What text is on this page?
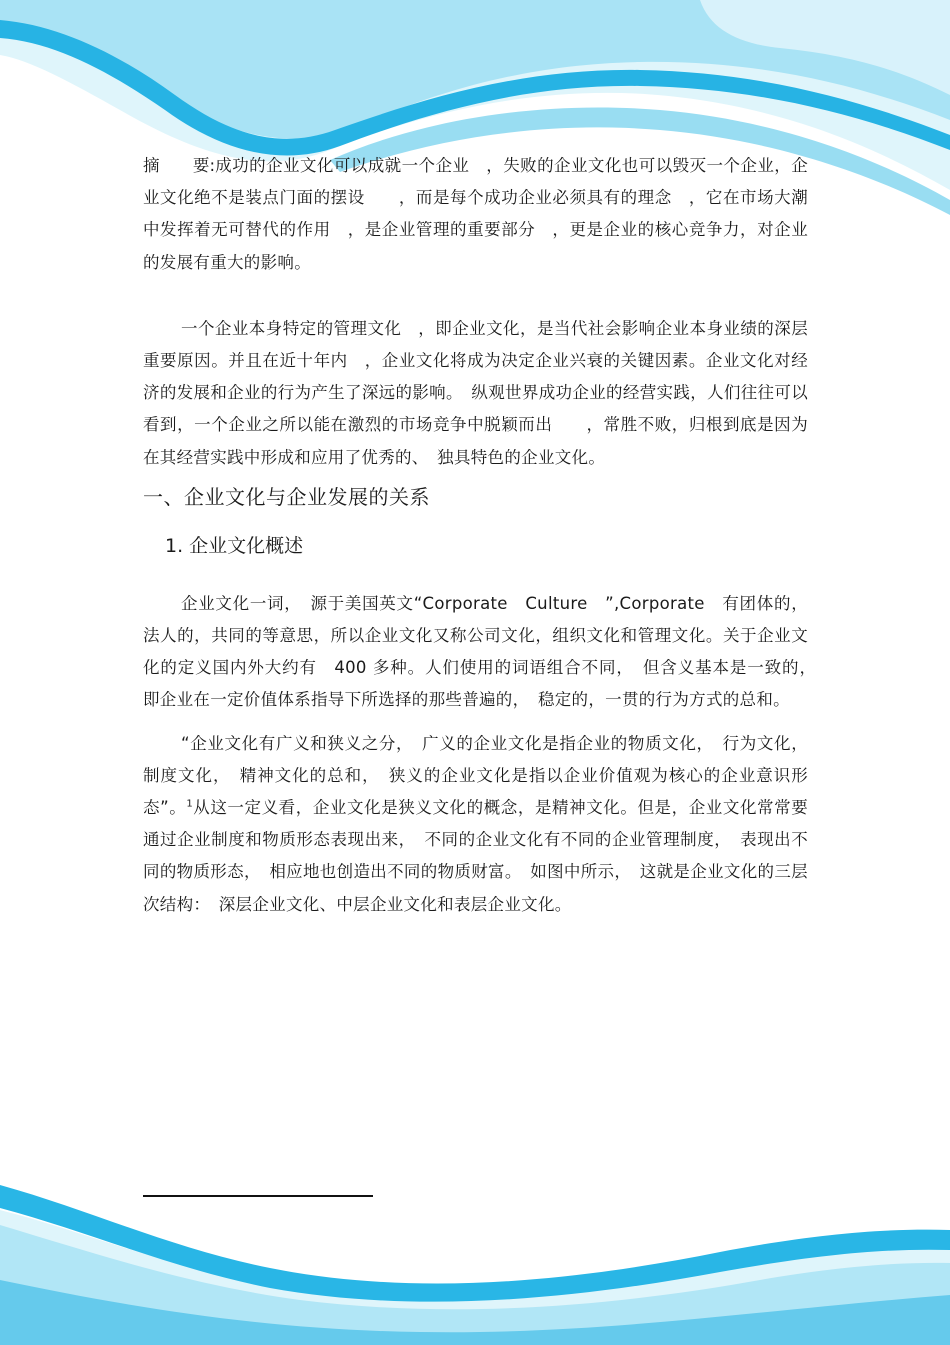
摘　　要:成功的企业文化可以成就一个企业　，失败的企业文化也可以毁灭一个企业，企业文化绝不是装点门面的摆设　　，而是每个成功企业必须具有的理念　，它在市场大潮中发挥着无可替代的作用　，是企业管理的重要部分　，更是企业的核心竞争力，对企业的发展有重大的影响。

一个企业本身特定的管理文化　，即企业文化，是当代社会影响企业本身业绩的深层重要原因。并且在近十年内　，企业文化将成为决定企业兴衰的关键因素。企业文化对经济的发展和企业的行为产生了深远的影响。　纵观世界成功企业的经营实践，人们往往可以看到，一个企业之所以能在激烈的市场竞争中脱颖而出　　，常胜不败，归根到底是因为在其经营实践中形成和应用了优秀的、　独具特色的企业文化。

一、企业文化与企业发展的关系
1. 企业文化概述

企业文化一词，　源于美国英文“Corporate　Culture　”,Corporate　有团体的，法人的，共同的等意思，所以企业文化又称公司文化，组织文化和管理文化。关于企业文化的定义国内外大约有　400 多种。人们使用的词语组合不同，　但含义基本是一致的，　即企业在一定价值体系指导下所选择的那些普遍的，　稳定的，一贯的行为方式的总和。

“企业文化有广义和狭义之分，　广义的企业文化是指企业的物质文化，　行为文化，制度文化，　精神文化的总和，　狭义的企业文化是指以企业价值观为核心的企业意识形态”。$^1$从这一定义看，企业文化是狭义文化的概念，是精神文化。但是，企业文化常常要通过企业制度和物质形态表现出来，　不同的企业文化有不同的企业管理制度，　表现出不同的物质形态，　相应地也创造出不同的物质财富。　如图中所示，　这就是企业文化的三层次结构：　深层企业文化、中层企业文化和表层企业文化。
